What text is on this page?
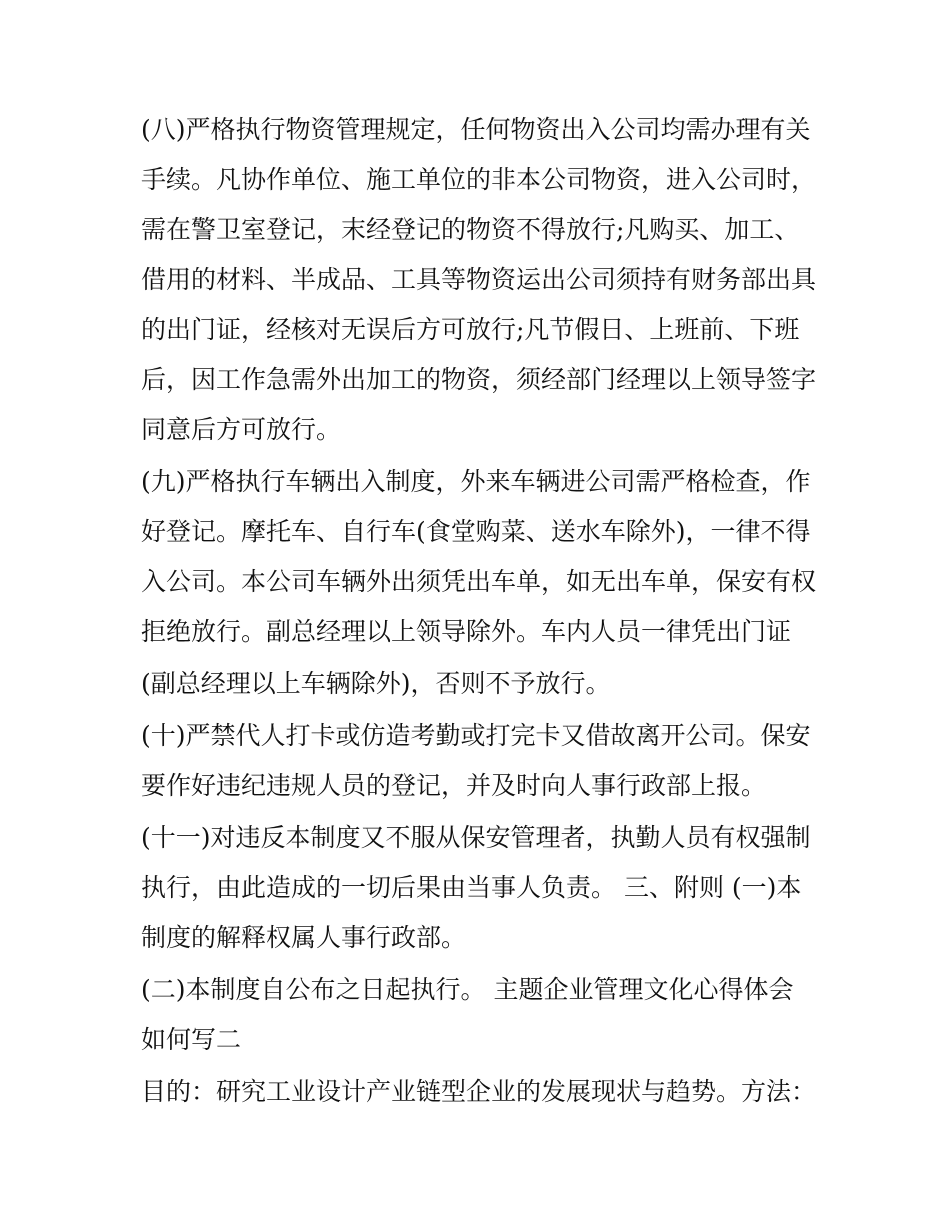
(八)严格执行物资管理规定，任何物资出入公司均需办理有关
手续。凡协作单位、施工单位的非本公司物资，进入公司时，
需在警卫室登记，末经登记的物资不得放行;凡购买、加工、
借用的材料、半成品、工具等物资运出公司须持有财务部出具
的出门证，经核对无误后方可放行;凡节假日、上班前、下班
后，因工作急需外出加工的物资，须经部门经理以上领导签字
同意后方可放行。
(九)严格执行车辆出入制度，外来车辆进公司需严格检查，作
好登记。摩托车、自行车(食堂购菜、送水车除外)，一律不得
入公司。本公司车辆外出须凭出车单，如无出车单，保安有权
拒绝放行。副总经理以上领导除外。车内人员一律凭出门证
(副总经理以上车辆除外)，否则不予放行。
(十)严禁代人打卡或仿造考勤或打完卡又借故离开公司。保安
要作好违纪违规人员的登记，并及时向人事行政部上报。
(十一)对违反本制度又不服从保安管理者，执勤人员有权强制
执行，由此造成的一切后果由当事人负责。 三、附则 (一)本
制度的解释权属人事行政部。
(二)本制度自公布之日起执行。 主题企业管理文化心得体会
如何写二
目的：研究工业设计产业链型企业的发展现状与趋势。方法：
